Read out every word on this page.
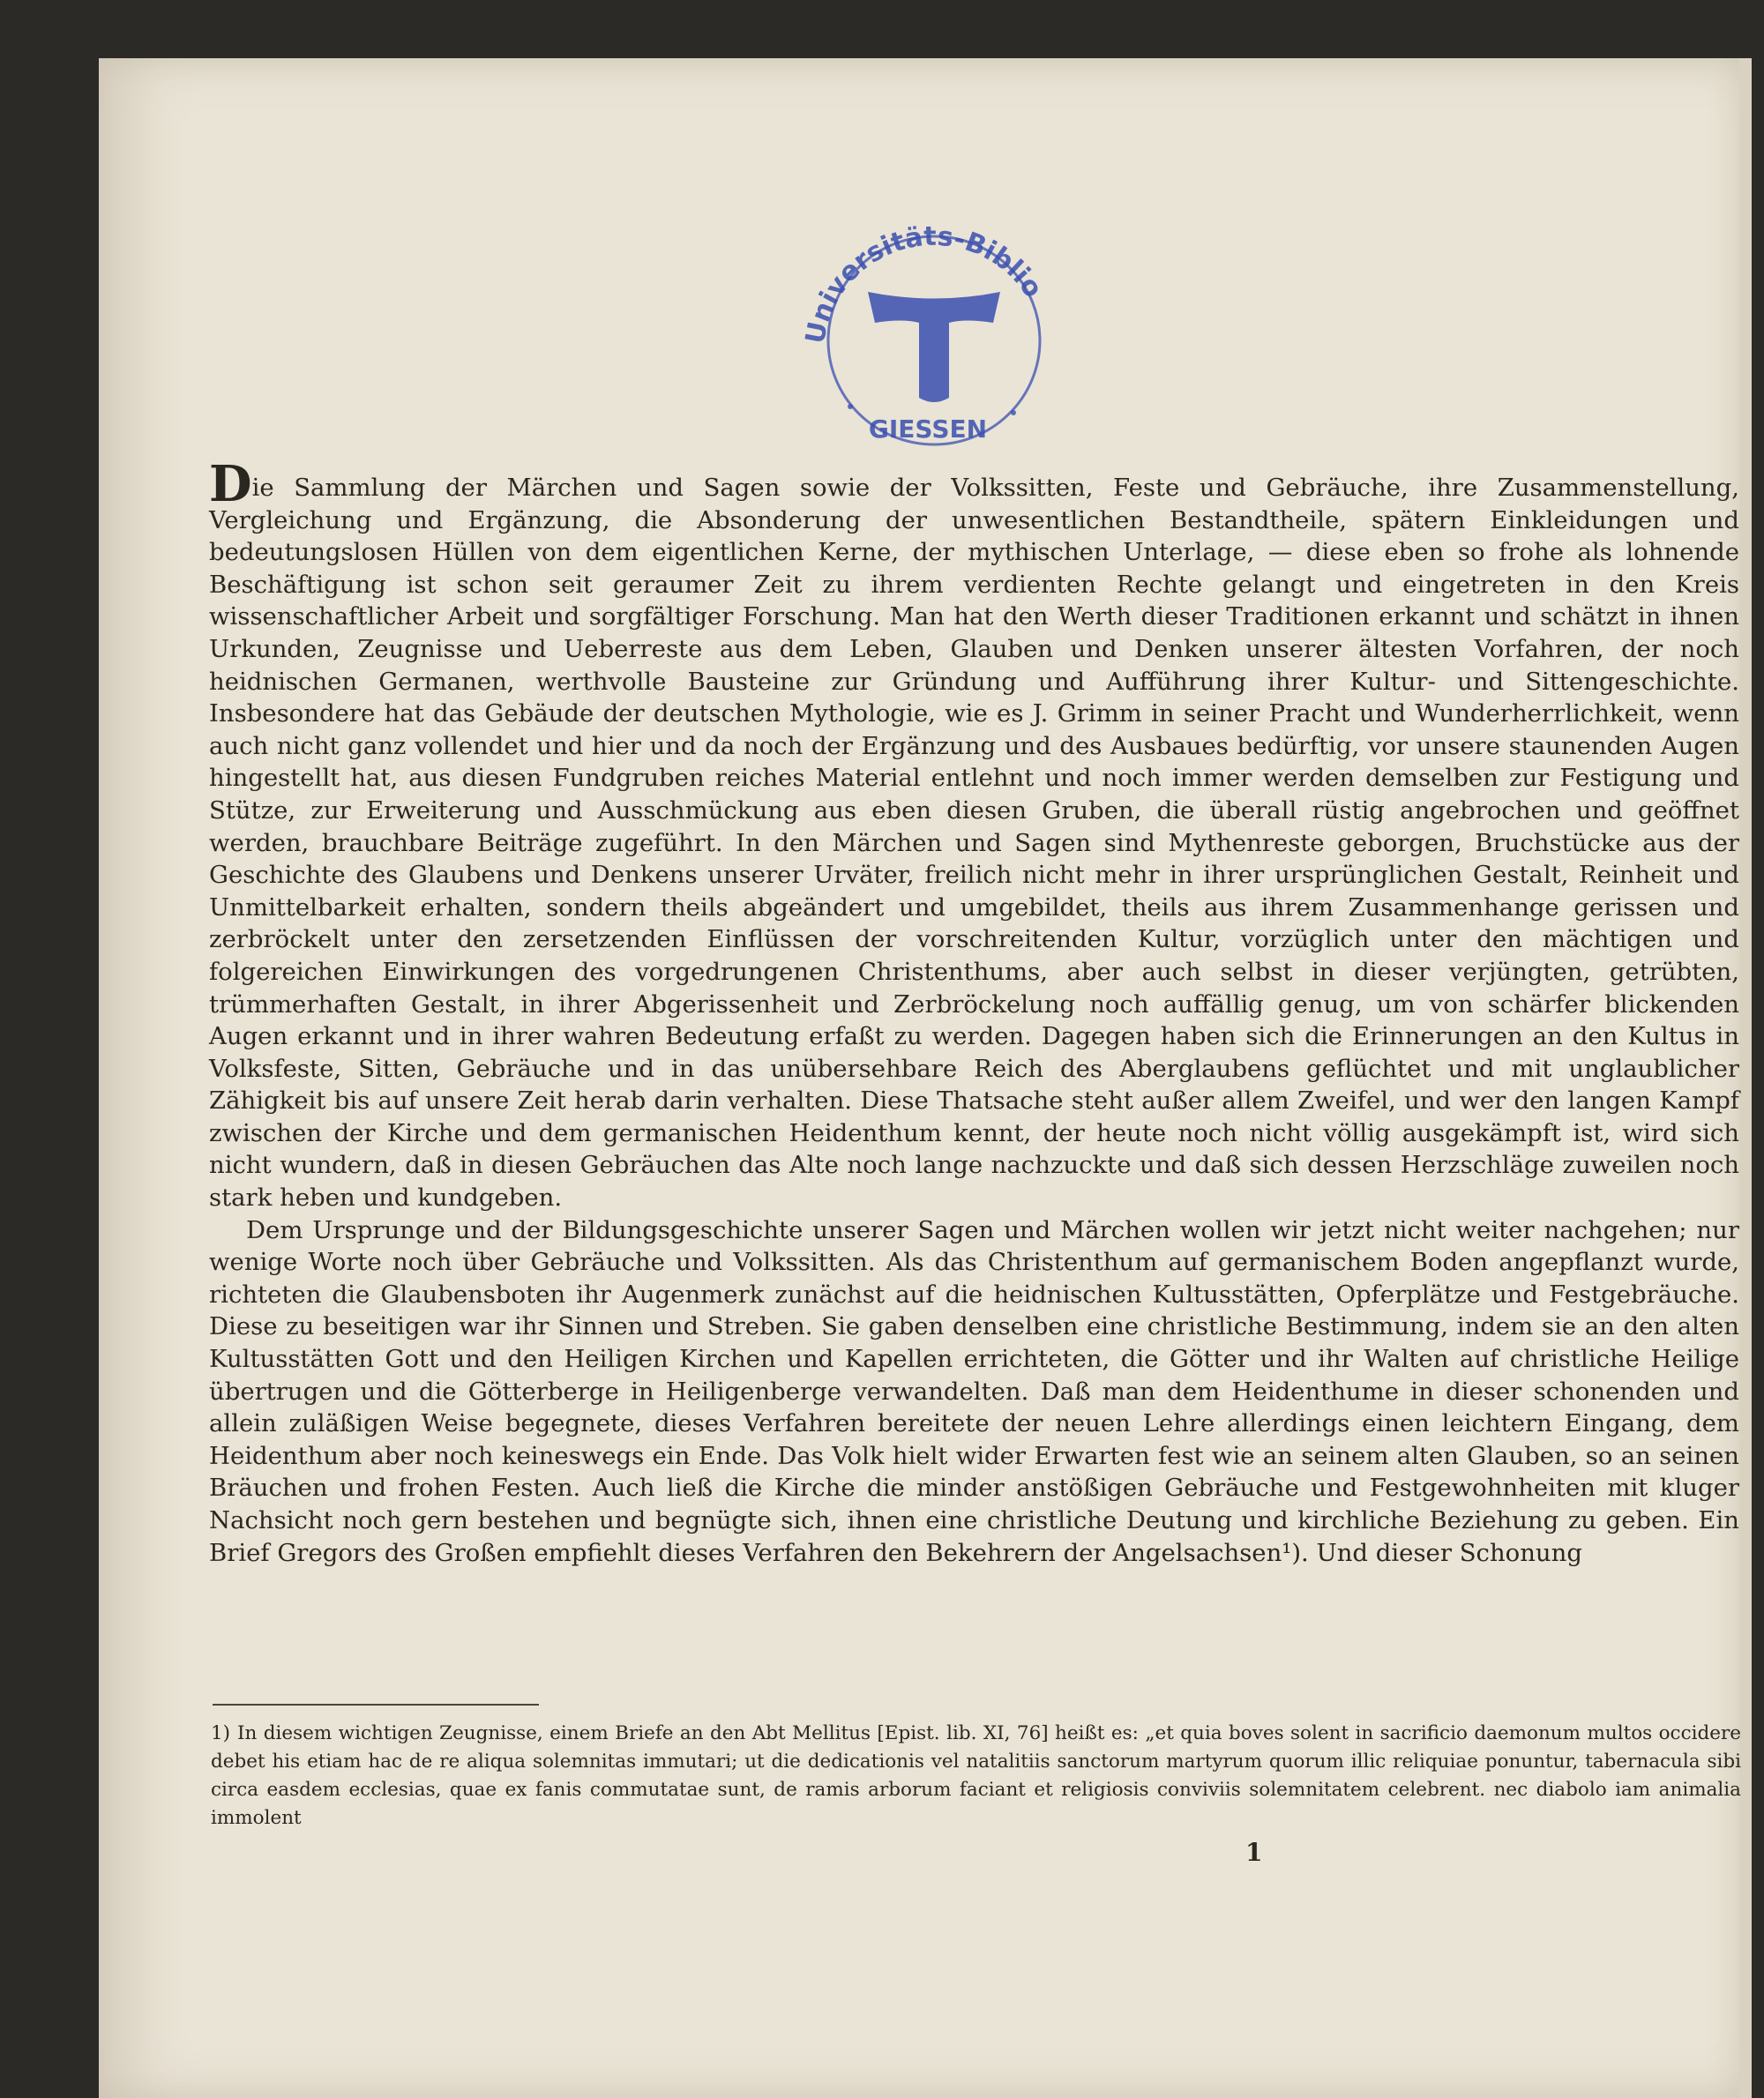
Universitäts-Biblio
GIESSEN

Die Sammlung der Märchen und Sagen sowie der Volkssitten, Feste und Gebräuche, ihre Zusammenstellung, Vergleichung und Ergänzung, die Absonderung der unwesentlichen Bestandtheile, spätern Einkleidungen und bedeutungslosen Hüllen von dem eigentlichen Kerne, der mythischen Unterlage, — diese eben so frohe als lohnende Beschäftigung ist schon seit geraumer Zeit zu ihrem verdienten Rechte gelangt und eingetreten in den Kreis wissenschaftlicher Arbeit und sorgfältiger Forschung. Man hat den Werth dieser Traditionen erkannt und schätzt in ihnen Urkunden, Zeugnisse und Ueberreste aus dem Leben, Glauben und Denken unserer ältesten Vorfahren, der noch heidnischen Germanen, werthvolle Bausteine zur Gründung und Aufführung ihrer Kultur- und Sittengeschichte. Insbesondere hat das Gebäude der deutschen Mythologie, wie es J. Grimm in seiner Pracht und Wunderherrlichkeit, wenn auch nicht ganz vollendet und hier und da noch der Ergänzung und des Ausbaues bedürftig, vor unsere staunenden Augen hingestellt hat, aus diesen Fundgruben reiches Material entlehnt und noch immer werden demselben zur Festigung und Stütze, zur Erweiterung und Ausschmückung aus eben diesen Gruben, die überall rüstig angebrochen und geöffnet werden, brauchbare Beiträge zugeführt. In den Märchen und Sagen sind Mythenreste geborgen, Bruchstücke aus der Geschichte des Glaubens und Denkens unserer Urväter, freilich nicht mehr in ihrer ursprünglichen Gestalt, Reinheit und Unmittelbarkeit erhalten, sondern theils abgeändert und umgebildet, theils aus ihrem Zusammenhange gerissen und zerbröckelt unter den zersetzenden Einflüssen der vorschreitenden Kultur, vorzüglich unter den mächtigen und folgereichen Einwirkungen des vorgedrungenen Christenthums, aber auch selbst in dieser verjüngten, getrübten, trümmerhaften Gestalt, in ihrer Abgerissenheit und Zerbröckelung noch auffällig genug, um von schärfer blickenden Augen erkannt und in ihrer wahren Bedeutung erfaßt zu werden. Dagegen haben sich die Erinnerungen an den Kultus in Volksfeste, Sitten, Gebräuche und in das unübersehbare Reich des Aberglaubens geflüchtet und mit unglaublicher Zähigkeit bis auf unsere Zeit herab darin verhalten. Diese Thatsache steht außer allem Zweifel, und wer den langen Kampf zwischen der Kirche und dem germanischen Heidenthum kennt, der heute noch nicht völlig ausgekämpft ist, wird sich nicht wundern, daß in diesen Gebräuchen das Alte noch lange nachzuckte und daß sich dessen Herzschläge zuweilen noch stark heben und kundgeben.

Dem Ursprunge und der Bildungsgeschichte unserer Sagen und Märchen wollen wir jetzt nicht weiter nachgehen; nur wenige Worte noch über Gebräuche und Volkssitten. Als das Christenthum auf germanischem Boden angepflanzt wurde, richteten die Glaubensboten ihr Augenmerk zunächst auf die heidnischen Kultusstätten, Opferplätze und Festgebräuche. Diese zu beseitigen war ihr Sinnen und Streben. Sie gaben denselben eine christliche Bestimmung, indem sie an den alten Kultusstätten Gott und den Heiligen Kirchen und Kapellen errichteten, die Götter und ihr Walten auf christliche Heilige übertrugen und die Götterberge in Heiligenberge verwandelten. Daß man dem Heidenthume in dieser schonenden und allein zuläßigen Weise begegnete, dieses Verfahren bereitete der neuen Lehre allerdings einen leichtern Eingang, dem Heidenthum aber noch keineswegs ein Ende. Das Volk hielt wider Erwarten fest wie an seinem alten Glauben, so an seinen Bräuchen und frohen Festen. Auch ließ die Kirche die minder anstößigen Gebräuche und Festgewohnheiten mit kluger Nachsicht noch gern bestehen und begnügte sich, ihnen eine christliche Deutung und kirchliche Beziehung zu geben. Ein Brief Gregors des Großen empfiehlt dieses Verfahren den Bekehrern der Angelsachsen¹). Und dieser Schonung

1) In diesem wichtigen Zeugnisse, einem Briefe an den Abt Mellitus [Epist. lib. XI, 76] heißt es: „et quia boves solent in sacrificio daemonum multos occidere debet his etiam hac de re aliqua solemnitas immutari; ut die dedicationis vel natalitiis sanctorum martyrum quorum illic reliquiae ponuntur, tabernacula sibi circa easdem ecclesias, quae ex fanis commutatae sunt, de ramis arborum faciant et religiosis conviviis solemnitatem celebrent. nec diabolo iam animalia immolent
1
